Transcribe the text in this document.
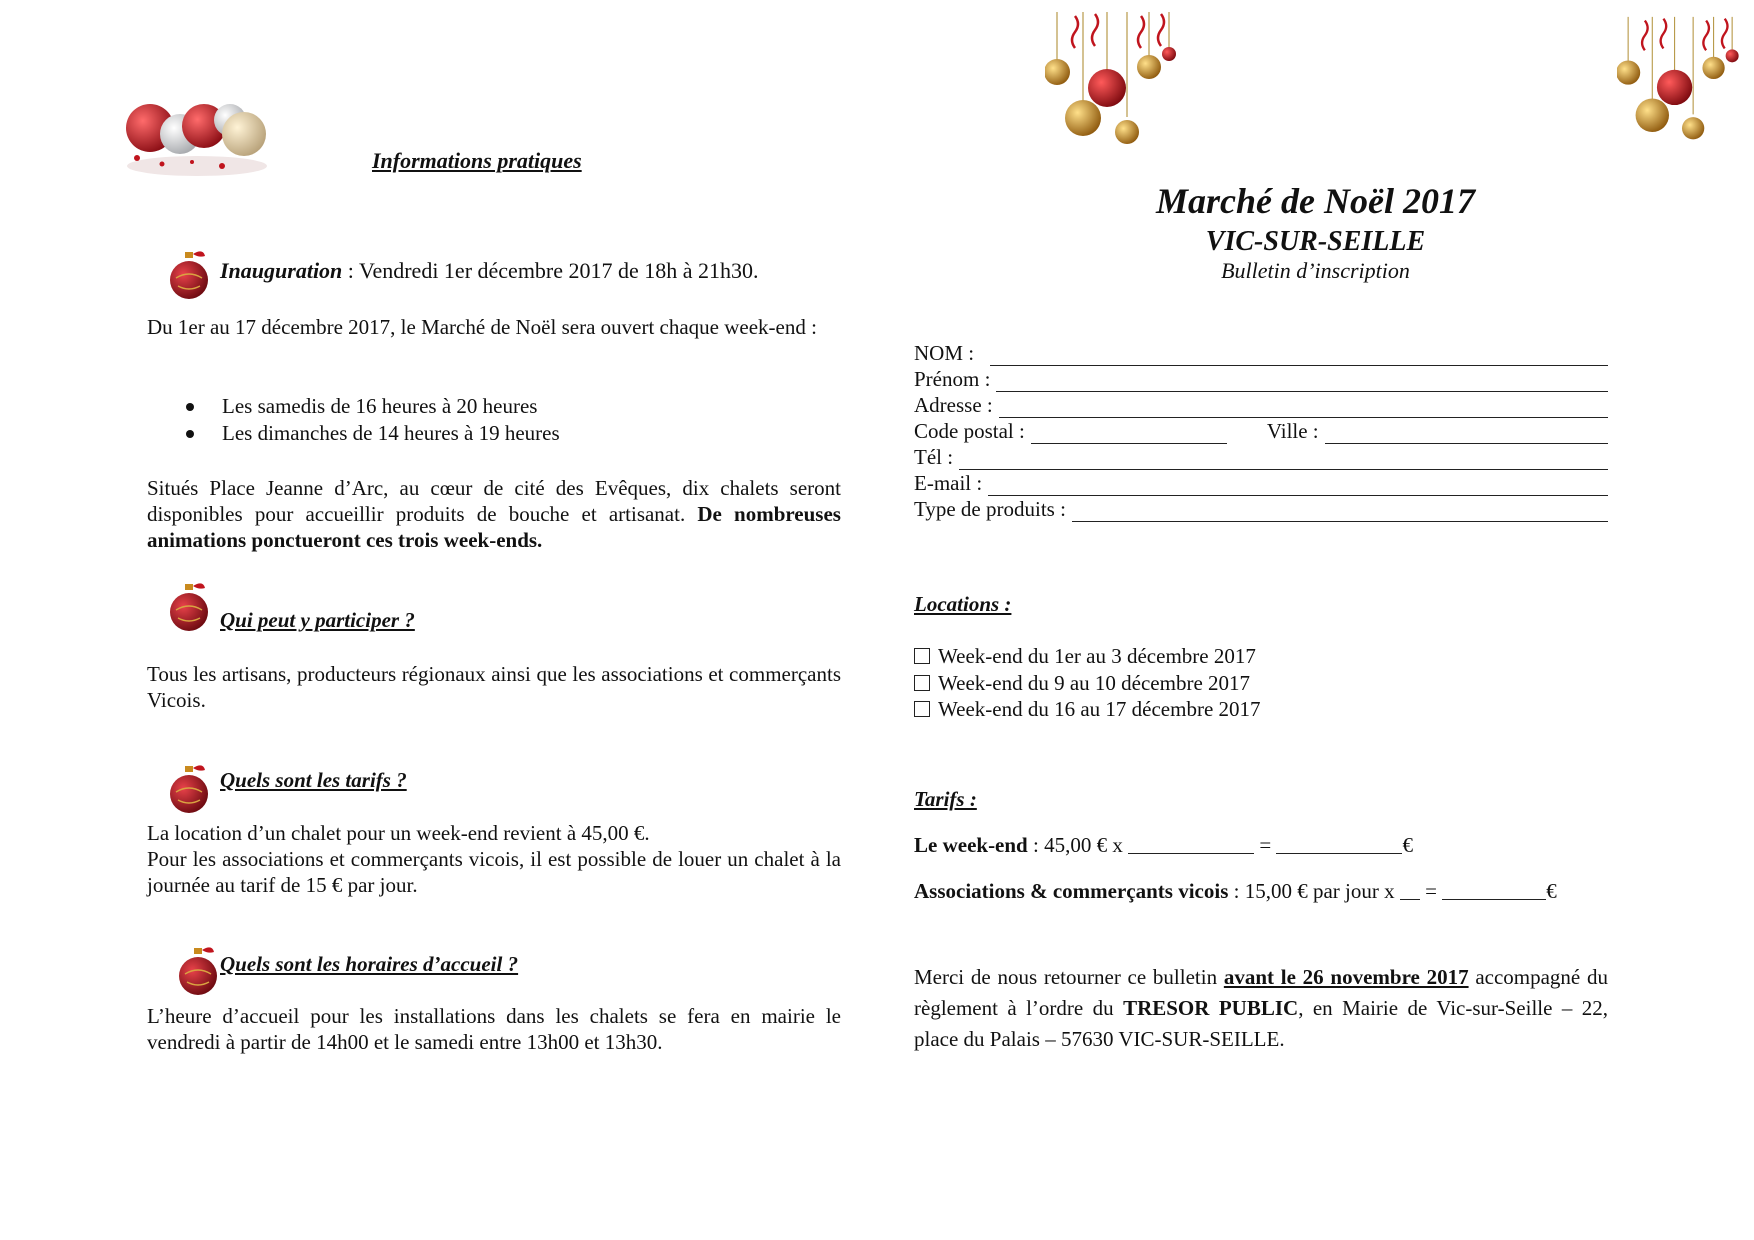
Informations pratiques
Inauguration : Vendredi 1er décembre 2017 de 18h à 21h30.
Du 1er au 17 décembre 2017, le Marché de Noël sera ouvert chaque week-end :
Les samedis de 16 heures à 20 heures
Les dimanches de 14 heures à 19 heures
Situés Place Jeanne d’Arc, au cœur de cité des Evêques, dix chalets seront disponibles pour accueillir produits de bouche et artisanat. De nombreuses animations ponctueront ces trois week-ends.
Qui peut y participer ?
Tous les artisans, producteurs régionaux ainsi que les associations et commerçants Vicois.
Quels sont les tarifs ?
La location d’un chalet pour un week-end revient à 45,00 €.
Pour les associations et commerçants vicois, il est possible de louer un chalet à la journée au tarif de 15 € par jour.
Quels sont les horaires d’accueil ?
L’heure d’accueil pour les installations dans les chalets se fera en mairie le vendredi à partir de 14h00 et le samedi entre 13h00 et 13h30.
Marché de Noël 2017
VIC-SUR-SEILLE
Bulletin d’inscription
NOM :
Prénom :
Adresse :
Code postal :	Ville :
Tél :
E-mail :
Type de produits :
Locations :
Week-end du 1er au 3 décembre 2017
Week-end du 9 au 10 décembre 2017
Week-end du 16 au 17 décembre 2017
Tarifs :
Le week-end : 45,00 € x	=	€
Associations & commerçants vicois : 15,00 € par jour x  =	€
Merci de nous retourner ce bulletin avant le 26 novembre 2017 accompagné du règlement à l’ordre du TRESOR PUBLIC, en Mairie de Vic-sur-Seille – 22, place du Palais – 57630 VIC-SUR-SEILLE.
